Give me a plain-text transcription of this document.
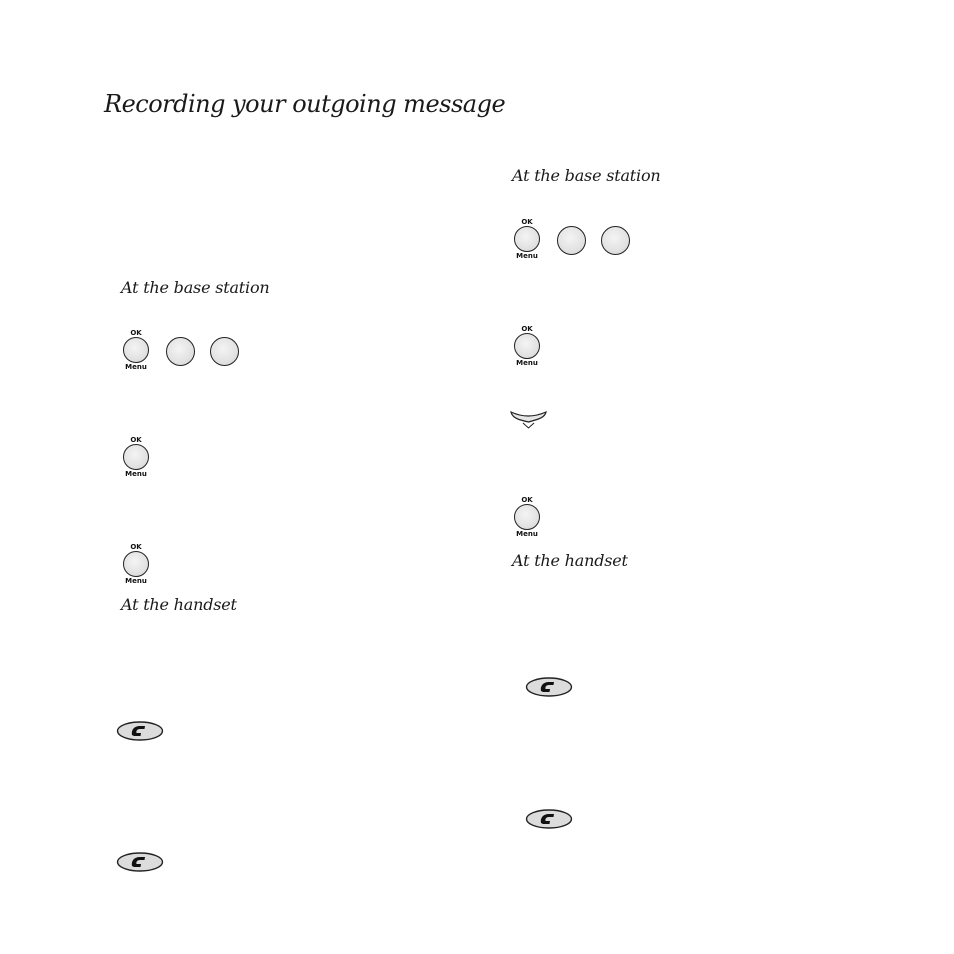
Recording your outgoing message
At the base station
OK
Menu
OK
Menu
OK
Menu
At the handset
At the base station
OK
Menu
OK
Menu
OK
Menu
At the handset
